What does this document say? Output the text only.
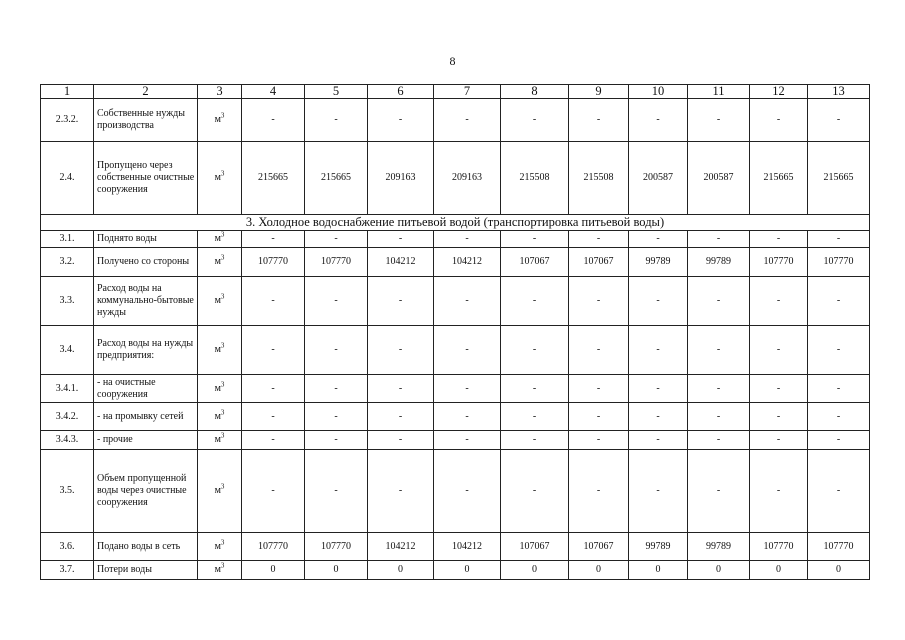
8
1	2	3	4	5	6	7	8	9	10	11	12	13
2.3.2.	Собственные нужды производства	$м^3$	-	-	-	-	-	-	-	-	-	-
2.4.	Пропущено через собственные очистные сооружения	$м^3$	215665	215665	209163	209163	215508	215508	200587	200587	215665	215665
3. Холодное водоснабжение питьевой водой (транспортировка питьевой воды)												
3.1.	Поднято воды	$м^3$	-	-	-	-	-	-	-	-	-	-
3.2.	Получено со стороны	$м^3$	107770	107770	104212	104212	107067	107067	99789	99789	107770	107770
3.3.	Расход воды на коммунально-бытовые нужды	$м^3$	-	-	-	-	-	-	-	-	-	-
3.4.	Расход воды на нужды предприятия:	$м^3$	-	-	-	-	-	-	-	-	-	-
3.4.1.	- на очистные сооружения	$м^3$	-	-	-	-	-	-	-	-	-	-
3.4.2.	- на промывку сетей	$м^3$	-	-	-	-	-	-	-	-	-	-
3.4.3.	- прочие	$м^3$	-	-	-	-	-	-	-	-	-	-
3.5.	Объем пропущенной воды через очистные сооружения	$м^3$	-	-	-	-	-	-	-	-	-	-
3.6.	Подано воды в сеть	$м^3$	107770	107770	104212	104212	107067	107067	99789	99789	107770	107770
3.7.	Потери воды	$м^3$	0	0	0	0	0	0	0	0	0	0
